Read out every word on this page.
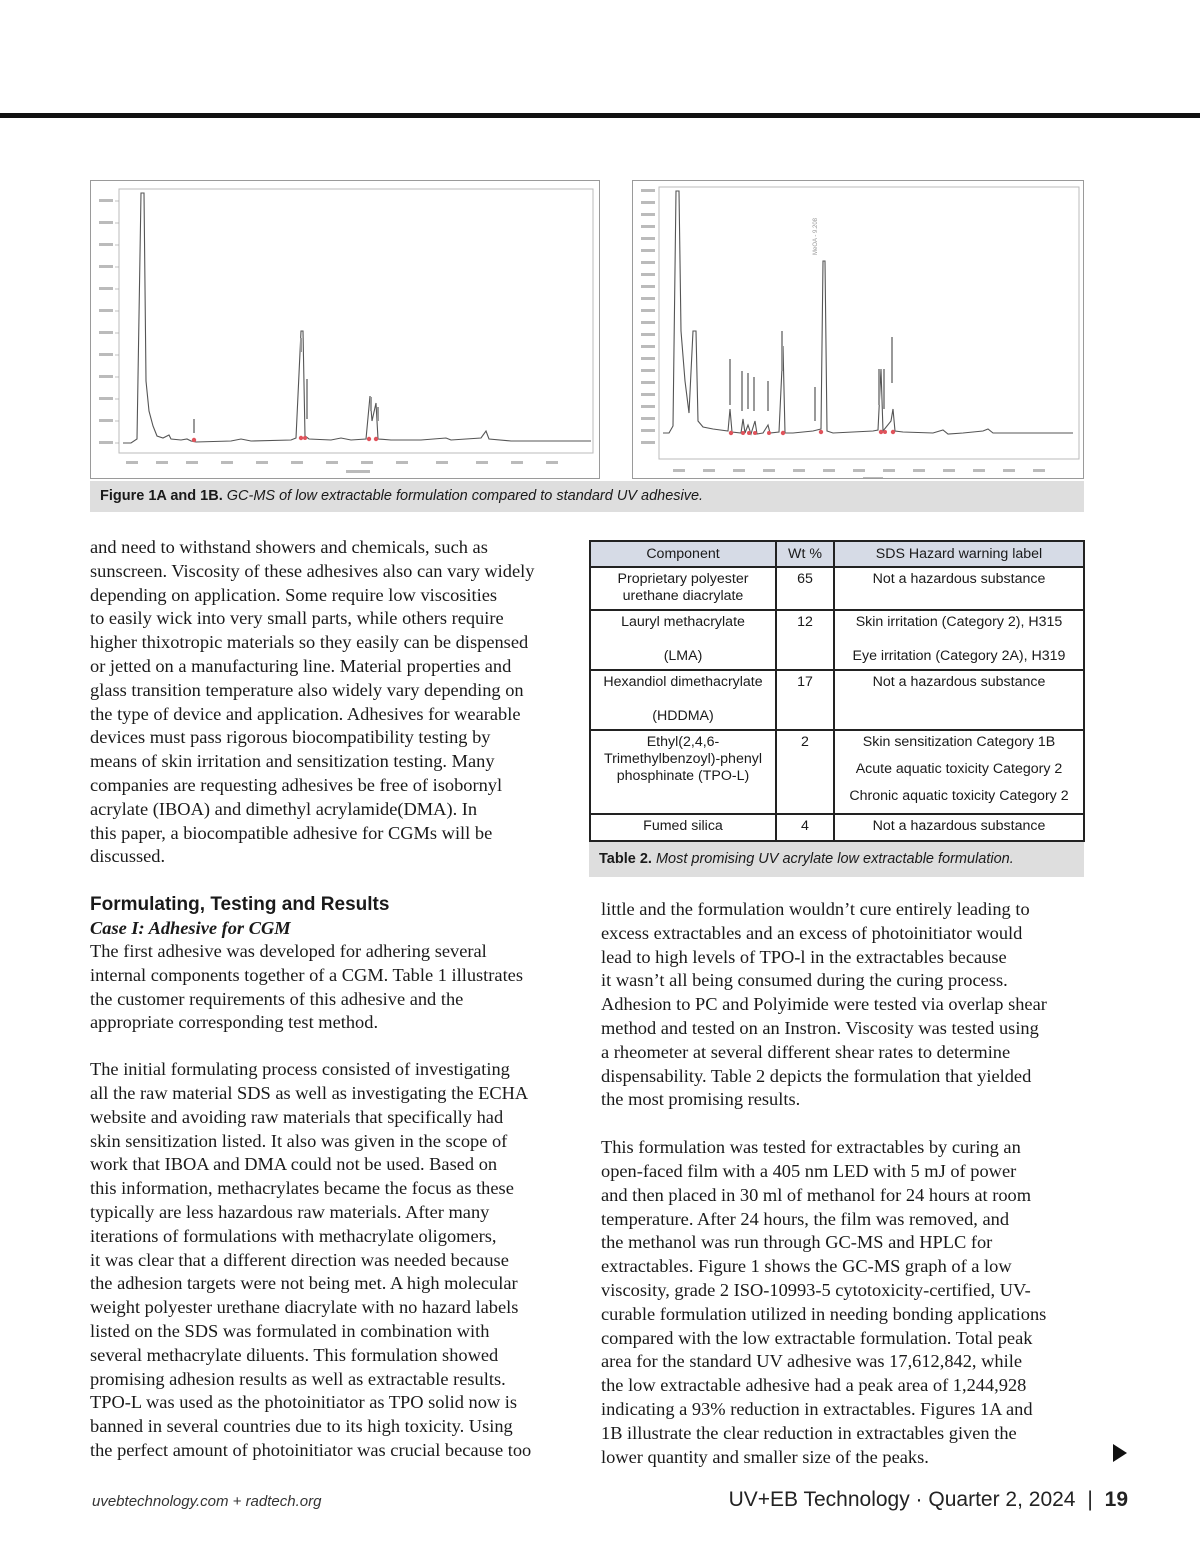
MeOA - 9.208
Figure 1A and 1B. GC-MS of low extractable formulation compared to standard UV adhesive.

and need to withstand showers and chemicals, such as
sunscreen. Viscosity of these adhesives also can vary widely
depending on application. Some require low viscosities
to easily wick into very small parts, while others require
higher thixotropic materials so they easily can be dispensed
or jetted on a manufacturing line. Material properties and
glass transition temperature also widely vary depending on
the type of device and application. Adhesives for wearable
devices must pass rigorous biocompatibility testing by
means of skin irritation and sensitization testing. Many
companies are requesting adhesives be free of isobornyl
acrylate (IBOA) and dimethyl acrylamide(DMA). In
this paper, a biocompatible adhesive for CGMs will be
discussed.

Formulating, Testing and Results

Case I: Adhesive for CGM

The first adhesive was developed for adhering several
internal components together of a CGM. Table 1 illustrates
the customer requirements of this adhesive and the
appropriate corresponding test method.

The initial formulating process consisted of investigating
all the raw material SDS as well as investigating the ECHA
website and avoiding raw materials that specifically had
skin sensitization listed. It also was given in the scope of
work that IBOA and DMA could not be used. Based on
this information, methacrylates became the focus as these
typically are less hazardous raw materials. After many
iterations of formulations with methacrylate oligomers,
it was clear that a different direction was needed because
the adhesion targets were not being met. A high molecular
weight polyester urethane diacrylate with no hazard labels
listed on the SDS was formulated in combination with
several methacrylate diluents. This formulation showed
promising adhesion results as well as extractable results.
TPO-L was used as the photoinitiator as TPO solid now is
banned in several countries due to its high toxicity. Using
the perfect amount of photoinitiator was crucial because too

Component	Wt %	SDS Hazard warning label

Proprietary polyester urethane diacrylate	65	Not a hazardous substance

Lauryl methacrylate
(LMA)	12	Skin irritation (Category 2), H315
Eye irritation (Category 2A), H319

Hexandiol dimethacrylate
(HDDMA)	17	Not a hazardous substance

Ethyl(2,4,6-Trimethylbenzoyl)-phenyl phosphinate (TPO-L)	2	Skin sensitization Category 1B
Acute aquatic toxicity Category 2
Chronic aquatic toxicity Category 2

Fumed silica	4	Not a hazardous substance
Table 2. Most promising UV acrylate low extractable formulation.

little and the formulation wouldn’t cure entirely leading to
excess extractables and an excess of photoinitiator would
lead to high levels of TPO-l in the extractables because
it wasn’t all being consumed during the curing process.
Adhesion to PC and Polyimide were tested via overlap shear
method and tested on an Instron. Viscosity was tested using
a rheometer at several different shear rates to determine
dispensability. Table 2 depicts the formulation that yielded
the most promising results.

This formulation was tested for extractables by curing an
open-faced film with a 405 nm LED with 5 mJ of power
and then placed in 30 ml of methanol for 24 hours at room
temperature. After 24 hours, the film was removed, and
the methanol was run through GC-MS and HPLC for
extractables. Figure 1 shows the GC-MS graph of a low
viscosity, grade 2 ISO-10993-5 cytotoxicity-certified, UV-
curable formulation utilized in needing bonding applications
compared with the low extractable formulation. Total peak
area for the standard UV adhesive was 17,612,842, while
the low extractable adhesive had a peak area of 1,244,928
indicating a 93% reduction in extractables. Figures 1A and
1B illustrate the clear reduction in extractables given the
lower quantity and smaller size of the peaks.

uvebtechnology.com + radtech.org	UV+EB Technology · Quarter 2, 2024 | 19
